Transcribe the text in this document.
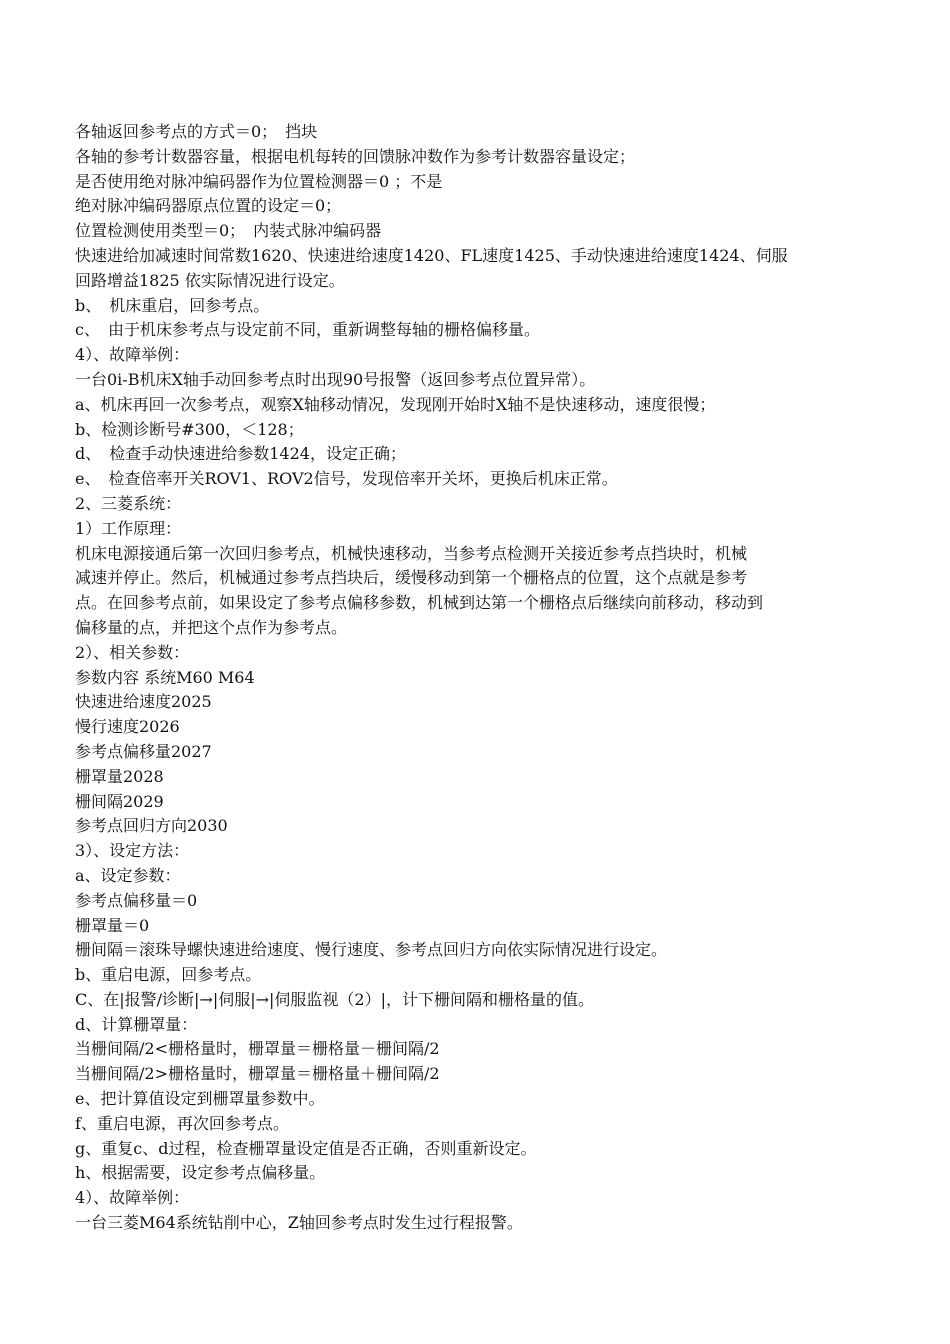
各轴返回参考点的方式＝0；　挡块

各轴的参考计数器容量，根据电机每转的回馈脉冲数作为参考计数器容量设定；

是否使用绝对脉冲编码器作为位置检测器＝0 ；不是

绝对脉冲编码器原点位置的设定＝0；

位置检测使用类型＝0；　内装式脉冲编码器

快速进给加减速时间常数1620、快速进给速度1420、FL速度1425、手动快速进给速度1424、伺服

回路增益1825 依实际情况进行设定。

b、　机床重启，回参考点。

c、　由于机床参考点与设定前不同，重新调整每轴的栅格偏移量。

4）、故障举例：

一台0i-B机床X轴手动回参考点时出现90号报警（返回参考点位置异常）。

a、机床再回一次参考点，观察X轴移动情况，发现刚开始时X轴不是快速移动，速度很慢；

b、检测诊断号#300，＜128；

d、　检查手动快速进给参数1424，设定正确；

e、　检查倍率开关ROV1、ROV2信号，发现倍率开关坏，更换后机床正常。

2、三菱系统：

1）工作原理：

机床电源接通后第一次回归参考点，机械快速移动，当参考点检测开关接近参考点挡块时，机械

减速并停止。然后，机械通过参考点挡块后，缓慢移动到第一个栅格点的位置，这个点就是参考

点。在回参考点前，如果设定了参考点偏移参数，机械到达第一个栅格点后继续向前移动，移动到

偏移量的点，并把这个点作为参考点。

2）、相关参数：

参数内容 系统M60 M64

快速进给速度2025

慢行速度2026

参考点偏移量2027

栅罩量2028

栅间隔2029

参考点回归方向2030

3）、设定方法：

a、设定参数：

参考点偏移量＝0

栅罩量＝0

栅间隔＝滚珠导螺快速进给速度、慢行速度、参考点回归方向依实际情况进行设定。

b、重启电源，回参考点。

C、在|报警/诊断|→|伺服|→|伺服监视（2）|，计下栅间隔和栅格量的值。

d、计算栅罩量：

当栅间隔/2<栅格量时，栅罩量＝栅格量－栅间隔/2

当栅间隔/2>栅格量时，栅罩量＝栅格量＋栅间隔/2

e、把计算值设定到栅罩量参数中。

f、重启电源，再次回参考点。

g、重复c、d过程，检查栅罩量设定值是否正确，否则重新设定。

h、根据需要，设定参考点偏移量。

4）、故障举例：

一台三菱M64系统钻削中心，Z轴回参考点时发生过行程报警。
